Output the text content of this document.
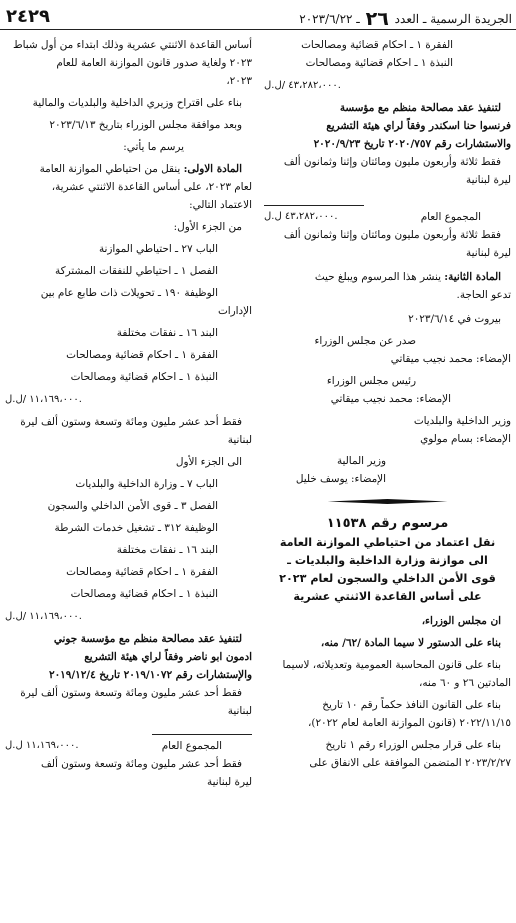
الجريدة الرسمية ـ العدد ٢٦ ـ ٢٠٢٣/٦/٢٢
٢٤٢٩
الفقرة ١ ـ احكام قضائية ومصالحات
النبذة ١ ـ احكام قضائية ومصالحات
٤٣،٢٨٢،٠٠٠ /ل.ل.
لتنفيذ عقد مصالحة منظم مع مؤسسة
فرنسوا حنا اسكندر وفقاً لراي هيئة التشريع
والاستشارات رقم ٢٠٢٠/٧٥٧ تاريخ ٢٠٢٠/٩/٢٣
فقط ثلاثة وأربعون مليون ومائتان وإثنا وثمانون ألف
ليرة لبنانية
المجموع العام
٤٣،٢٨٢،٠٠٠ ل.ل.
فقط ثلاثة وأربعون مليون ومائتان وإثنا وثمانون ألف
ليرة لبنانية
المادة الثانية: ينشر هذا المرسوم ويبلغ حيث
تدعو الحاجة.
بيروت في ٢٠٢٣/٦/١٤
صدر عن مجلس الوزراء
الإمضاء: محمد نجيب ميقاتي
رئيس مجلس الوزراء
الإمضاء: محمد نجيب ميقاتي
وزير الداخلية والبلديات
الإمضاء: بسام مولوي
وزير المالية
الإمضاء: يوسف خليل
مرسوم رقم ١١٥٣٨
نقل اعتماد من احتياطي الموازنة العامة
الى موازنة وزارة الداخلية والبلديات ـ
قوى الأمن الداخلي والسجون لعام ٢٠٢٣
على أساس القاعدة الاثنتي عشرية
ان مجلس الوزراء،
بناء على الدستور لا سيما المادة /٦٢/ منه،
بناء على قانون المحاسبة العمومية وتعديلاته، لاسيما
المادتين ٢٦ و ٦٠ منه،
بناء على القانون النافذ حكماً رقم ١٠ تاريخ
٢٠٢٢/١١/١٥ (قانون الموازنة العامة لعام ٢٠٢٢)،
بناء على قرار مجلس الوزراء رقم ١ تاريخ
٢٠٢٣/٢/٢٧ المتضمن الموافقة على الانفاق على
أساس القاعدة الاثنتي عشرية وذلك ابتداء من أول شباط
٢٠٢٣ ولغاية صدور قانون الموازنة العامة للعام
٢٠٢٣،
بناء على اقتراح وزيري الداخلية والبلديات والمالية
وبعد موافقة مجلس الوزراء بتاريخ ٢٠٢٣/٦/١٣
يرسم ما يأتي:
المادة الاولى: ينقل من احتياطي الموازنة العامة
لعام ٢٠٢٣، على أساس القاعدة الاثنتي عشرية،
الاعتماد التالي:
من الجزء الأول:
الباب ٢٧ ـ احتياطي الموازنة
الفصل ١ ـ احتياطي للنفقات المشتركة
الوظيفة ١٩٠ ـ تحويلات ذات طابع عام بين
الإدارات
البند ١٦ ـ نفقات مختلفة
الفقرة ١ ـ احكام قضائية ومصالحات
النبذة ١ ـ احكام قضائية ومصالحات
١١،١٦٩،٠٠٠ /ل.ل.
فقط أحد عشر مليون ومائة وتسعة وستون ألف ليرة
لبنانية
الى الجزء الأول
الباب ٧ ـ وزارة الداخلية والبلديات
الفصل ٣ ـ قوى الأمن الداخلي والسجون
الوظيفة ٣١٢ ـ تشغيل خدمات الشرطة
البند ١٦ ـ نفقات مختلفة
الفقرة ١ ـ احكام قضائية ومصالحات
النبذة ١ ـ احكام قضائية ومصالحات
١١،١٦٩،٠٠٠ /ل.ل.
لتنفيذ عقد مصالحة منظم مع مؤسسة جوني
ادمون ابو ناضر وفقاً لراي هيئة التشريع
والإستشارات رقم ٢٠١٩/١٠٧٢ تاريخ ٢٠١٩/١٢/٤
فقط أحد عشر مليون ومائة وتسعة وستون ألف ليرة
لبنانية
المجموع العام
١١،١٦٩،٠٠٠ ل.ل.
فقط أحد عشر مليون ومائة وتسعة وستون ألف
ليرة لبنانية
